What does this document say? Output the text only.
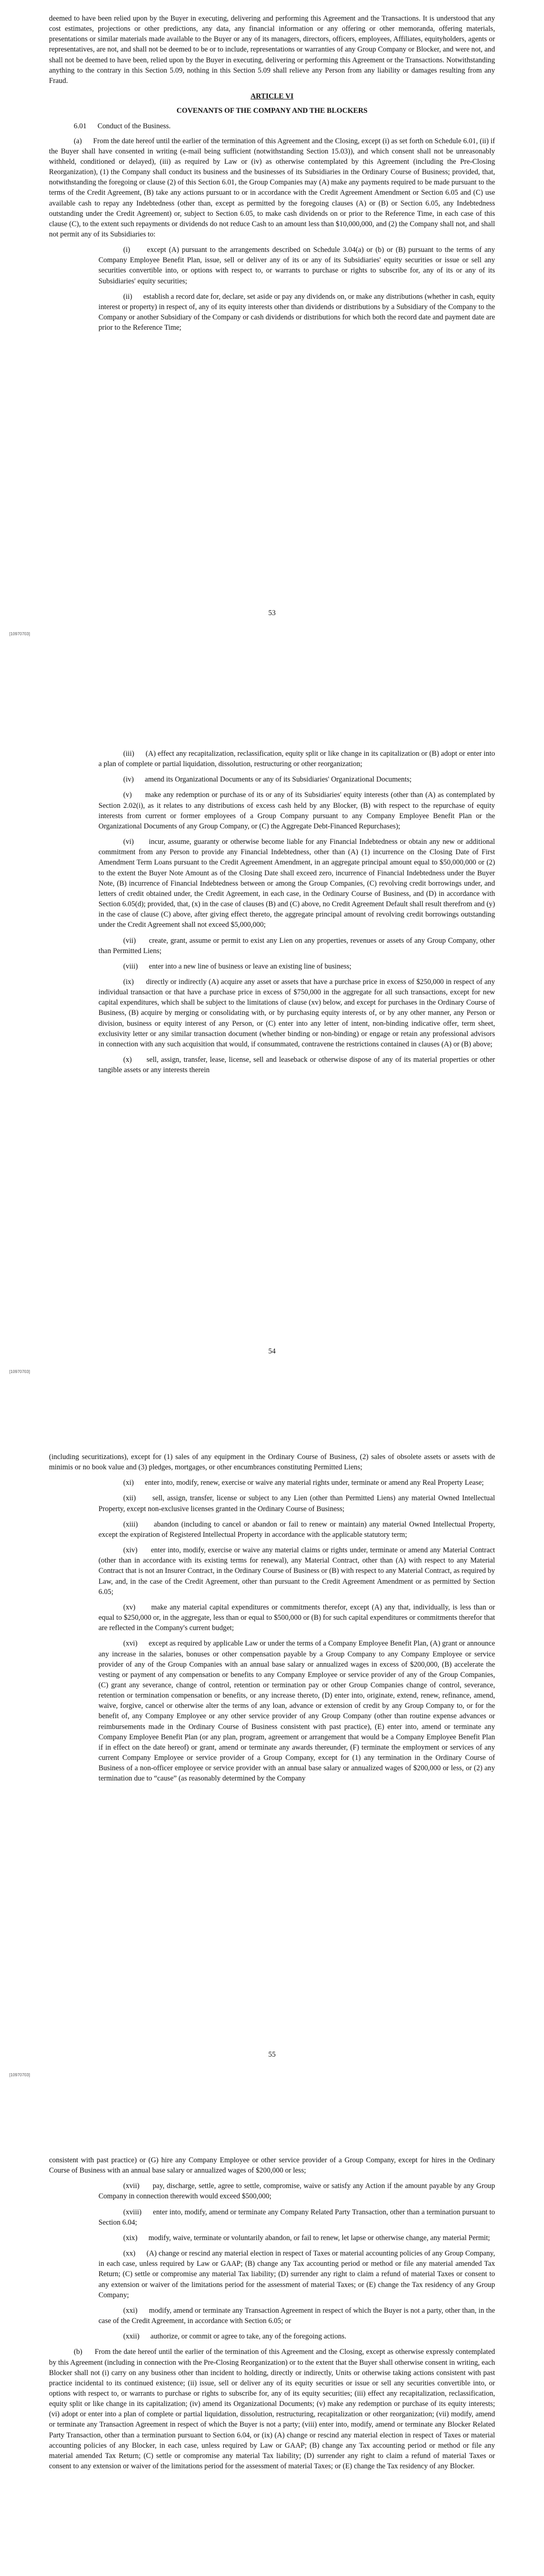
deemed to have been relied upon by the Buyer in executing, delivering and performing this Agreement and the Transactions. It is understood that any cost estimates, projections or other predictions, any data, any financial information or any offering or other memoranda, offering materials, presentations or similar materials made available to the Buyer or any of its managers, directors, officers, employees, Affiliates, equityholders, agents or representatives, are not, and shall not be deemed to be or to include, representations or warranties of any Group Company or Blocker, and were not, and shall not be deemed to have been, relied upon by the Buyer in executing, delivering or performing this Agreement or the Transactions. Notwithstanding anything to the contrary in this Section 5.09, nothing in this Section 5.09 shall relieve any Person from any liability or damages resulting from any Fraud.

ARTICLE VI
COVENANTS OF THE COMPANY AND THE BLOCKERS

6.01      Conduct of the Business.

(a)      From the date hereof until the earlier of the termination of this Agreement and the Closing, except (i) as set forth on Schedule 6.01, (ii) if the Buyer shall have consented in writing (e-mail being sufficient (notwithstanding Section 15.03)), and which consent shall not be unreasonably withheld, conditioned or delayed), (iii) as required by Law or (iv) as otherwise contemplated by this Agreement (including the Pre-Closing Reorganization), (1) the Company shall conduct its business and the businesses of its Subsidiaries in the Ordinary Course of Business; provided, that, notwithstanding the foregoing or clause (2) of this Section 6.01, the Group Companies may (A) make any payments required to be made pursuant to the terms of the Credit Agreement, (B) take any actions pursuant to or in accordance with the Credit Agreement Amendment or Section 6.05 and (C) use available cash to repay any Indebtedness (other than, except as permitted by the foregoing clauses (A) or (B) or Section 6.05, any Indebtedness outstanding under the Credit Agreement) or, subject to Section 6.05, to make cash dividends on or prior to the Reference Time, in each case of this clause (C), to the extent such repayments or dividends do not reduce Cash to an amount less than $10,000,000, and (2) the Company shall not, and shall not permit any of its Subsidiaries to:

(i)      except (A) pursuant to the arrangements described on Schedule 3.04(a) or (b) or (B) pursuant to the terms of any Company Employee Benefit Plan, issue, sell or deliver any of its or any of its Subsidiaries' equity securities or issue or sell any securities convertible into, or options with respect to, or warrants to purchase or rights to subscribe for, any of its or any of its Subsidiaries' equity securities;

(ii)      establish a record date for, declare, set aside or pay any dividends on, or make any distributions (whether in cash, equity interest or property) in respect of, any of its equity interests other than dividends or distributions by a Subsidiary of the Company to the Company or another Subsidiary of the Company or cash dividends or distributions for which both the record date and payment date are prior to the Reference Time;

53
[10970703]

(iii)      (A) effect any recapitalization, reclassification, equity split or like change in its capitalization or (B) adopt or enter into a plan of complete or partial liquidation, dissolution, restructuring or other reorganization;

(iv)      amend its Organizational Documents or any of its Subsidiaries' Organizational Documents;

(v)      make any redemption or purchase of its or any of its Subsidiaries' equity interests (other than (A) as contemplated by Section 2.02(i), as it relates to any distributions of excess cash held by any Blocker, (B) with respect to the repurchase of equity interests from current or former employees of a Group Company pursuant to any Company Employee Benefit Plan or the Organizational Documents of any Group Company, or (C) the Aggregate Debt-Financed Repurchases);

(vi)      incur, assume, guaranty or otherwise become liable for any Financial Indebtedness or obtain any new or additional commitment from any Person to provide any Financial Indebtedness, other than (A) (1) incurrence on the Closing Date of First Amendment Term Loans pursuant to the Credit Agreement Amendment, in an aggregate principal amount equal to $50,000,000 or (2) to the extent the Buyer Note Amount as of the Closing Date shall exceed zero, incurrence of Financial Indebtedness under the Buyer Note, (B) incurrence of Financial Indebtedness between or among the Group Companies, (C) revolving credit borrowings under, and letters of credit obtained under, the Credit Agreement, in each case, in the Ordinary Course of Business, and (D) in accordance with Section 6.05(d); provided, that, (x) in the case of clauses (B) and (C) above, no Credit Agreement Default shall result therefrom and (y) in the case of clause (C) above, after giving effect thereto, the aggregate principal amount of revolving credit borrowings outstanding under the Credit Agreement shall not exceed $5,000,000;

(vii)      create, grant, assume or permit to exist any Lien on any properties, revenues or assets of any Group Company, other than Permitted Liens;

(viii)      enter into a new line of business or leave an existing line of business;

(ix)      directly or indirectly (A) acquire any asset or assets that have a purchase price in excess of $250,000 in respect of any individual transaction or that have a purchase price in excess of $750,000 in the aggregate for all such transactions, except for new capital expenditures, which shall be subject to the limitations of clause (xv) below, and except for purchases in the Ordinary Course of Business, (B) acquire by merging or consolidating with, or by purchasing equity interests of, or by any other manner, any Person or division, business or equity interest of any Person, or (C) enter into any letter of intent, non-binding indicative offer, term sheet, exclusivity letter or any similar transaction document (whether binding or non-binding) or engage or retain any professional advisors in connection with any such acquisition that would, if consummated, contravene the restrictions contained in clauses (A) or (B) above;

(x)      sell, assign, transfer, lease, license, sell and leaseback or otherwise dispose of any of its material properties or other tangible assets or any interests therein

54
[10970703]

(including securitizations), except for (1) sales of any equipment in the Ordinary Course of Business, (2) sales of obsolete assets or assets with de minimis or no book value and (3) pledges, mortgages, or other encumbrances constituting Permitted Liens;

(xi)      enter into, modify, renew, exercise or waive any material rights under, terminate or amend any Real Property Lease;

(xii)      sell, assign, transfer, license or subject to any Lien (other than Permitted Liens) any material Owned Intellectual Property, except non-exclusive licenses granted in the Ordinary Course of Business;

(xiii)      abandon (including to cancel or abandon or fail to renew or maintain) any material Owned Intellectual Property, except the expiration of Registered Intellectual Property in accordance with the applicable statutory term;

(xiv)      enter into, modify, exercise or waive any material claims or rights under, terminate or amend any Material Contract (other than in accordance with its existing terms for renewal), any Material Contract, other than (A) with respect to any Material Contract that is not an Insurer Contract, in the Ordinary Course of Business or (B) with respect to any Material Contract, as required by Law, and, in the case of the Credit Agreement, other than pursuant to the Credit Agreement Amendment or as permitted by Section 6.05;

(xv)      make any material capital expenditures or commitments therefor, except (A) any that, individually, is less than or equal to $250,000 or, in the aggregate, less than or equal to $500,000 or (B) for such capital expenditures or commitments therefor that are reflected in the Company's current budget;

(xvi)      except as required by applicable Law or under the terms of a Company Employee Benefit Plan, (A) grant or announce any increase in the salaries, bonuses or other compensation payable by a Group Company to any Company Employee or service provider of any of the Group Companies with an annual base salary or annualized wages in excess of $200,000, (B) accelerate the vesting or payment of any compensation or benefits to any Company Employee or service provider of any of the Group Companies, (C) grant any severance, change of control, retention or termination pay or other Group Companies change of control, severance, retention or termination compensation or benefits, or any increase thereto, (D) enter into, originate, extend, renew, refinance, amend, waive, forgive, cancel or otherwise alter the terms of any loan, advance or extension of credit by any Group Company to, or for the benefit of, any Company Employee or any other service provider of any Group Company (other than routine expense advances or reimbursements made in the Ordinary Course of Business consistent with past practice), (E) enter into, amend or terminate any Company Employee Benefit Plan (or any plan, program, agreement or arrangement that would be a Company Employee Benefit Plan if in effect on the date hereof) or grant, amend or terminate any awards thereunder, (F) terminate the employment or services of any current Company Employee or service provider of a Group Company, except for (1) any termination in the Ordinary Course of Business of a non-officer employee or service provider with an annual base salary or annualized wages of $200,000 or less, or (2) any termination due to “cause” (as reasonably determined by the Company

55
[10970703]

consistent with past practice) or (G) hire any Company Employee or other service provider of a Group Company, except for hires in the Ordinary Course of Business with an annual base salary or annualized wages of $200,000 or less;

(xvii)      pay, discharge, settle, agree to settle, compromise, waive or satisfy any Action if the amount payable by any Group Company in connection therewith would exceed $500,000;

(xviii)      enter into, modify, amend or terminate any Company Related Party Transaction, other than a termination pursuant to Section 6.04;

(xix)      modify, waive, terminate or voluntarily abandon, or fail to renew, let lapse or otherwise change, any material Permit;

(xx)      (A) change or rescind any material election in respect of Taxes or material accounting policies of any Group Company, in each case, unless required by Law or GAAP; (B) change any Tax accounting period or method or file any material amended Tax Return; (C) settle or compromise any material Tax liability; (D) surrender any right to claim a refund of material Taxes or consent to any extension or waiver of the limitations period for the assessment of material Taxes; or (E) change the Tax residency of any Group Company;

(xxi)      modify, amend or terminate any Transaction Agreement in respect of which the Buyer is not a party, other than, in the case of the Credit Agreement, in accordance with Section 6.05; or

(xxii)      authorize, or commit or agree to take, any of the foregoing actions.

(b)      From the date hereof until the earlier of the termination of this Agreement and the Closing, except as otherwise expressly contemplated by this Agreement (including in connection with the Pre-Closing Reorganization) or to the extent that the Buyer shall otherwise consent in writing, each Blocker shall not (i) carry on any business other than incident to holding, directly or indirectly, Units or otherwise taking actions consistent with past practice incidental to its continued existence; (ii) issue, sell or deliver any of its equity securities or issue or sell any securities convertible into, or options with respect to, or warrants to purchase or rights to subscribe for, any of its equity securities; (iii) effect any recapitalization, reclassification, equity split or like change in its capitalization; (iv) amend its Organizational Documents; (v) make any redemption or purchase of its equity interests; (vi) adopt or enter into a plan of complete or partial liquidation, dissolution, restructuring, recapitalization or other reorganization; (vii) modify, amend or terminate any Transaction Agreement in respect of which the Buyer is not a party; (viii) enter into, modify, amend or terminate any Blocker Related Party Transaction, other than a termination pursuant to Section 6.04, or (ix) (A) change or rescind any material election in respect of Taxes or material accounting policies of any Blocker, in each case, unless required by Law or GAAP; (B) change any Tax accounting period or method or file any material amended Tax Return; (C) settle or compromise any material Tax liability; (D) surrender any right to claim a refund of material Taxes or consent to any extension or waiver of the limitations period for the assessment of material Taxes; or (E) change the Tax residency of any Blocker.
